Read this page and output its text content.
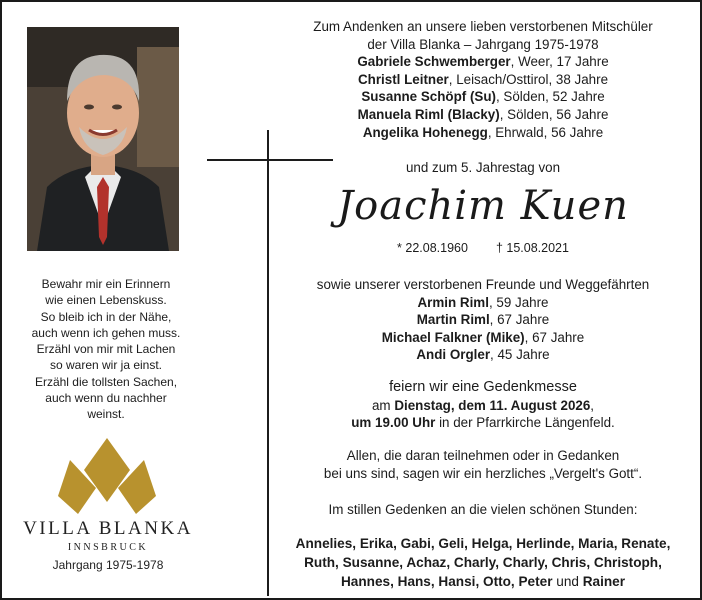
Bewahr mir ein Erinnern
wie einen Lebenskuss.
So bleib ich in der Nähe,
auch wenn ich gehen muss.
Erzähl von mir mit Lachen
so waren wir ja einst.
Erzähl die tollsten Sachen,
auch wenn du nachher
weinst.
VILLA BLANKA
INNSBRUCK
Jahrgang 1975-1978
Zum Andenken an unsere lieben verstorbenen Mitschüler
der Villa Blanka – Jahrgang 1975-1978
Gabriele Schwemberger, Weer, 17 Jahre
Christl Leitner, Leisach/Osttirol, 38 Jahre
Susanne Schöpf (Su), Sölden, 52 Jahre
Manuela Riml (Blacky), Sölden, 56 Jahre
Angelika Hohenegg, Ehrwald, 56 Jahre
und zum 5. Jahrestag von
Joachim Kuen
* 22.08.1960 † 15.08.2021
sowie unserer verstorbenen Freunde und Weggefährten
Armin Riml, 59 Jahre
Martin Riml, 67 Jahre
Michael Falkner (Mike), 67 Jahre
Andi Orgler, 45 Jahre
feiern wir eine Gedenkmesse
am Dienstag, dem 11. August 2026,
um 19.00 Uhr in der Pfarrkirche Längenfeld.
Allen, die daran teilnehmen oder in Gedanken
bei uns sind, sagen wir ein herzliches „Vergelt's Gott“.
Im stillen Gedenken an die vielen schönen Stunden:
Annelies, Erika, Gabi, Geli, Helga, Herlinde, Maria, Renate,
Ruth, Susanne, Achaz, Charly, Charly, Chris, Christoph,
Hannes, Hans, Hansi, Otto, Peter und Rainer
